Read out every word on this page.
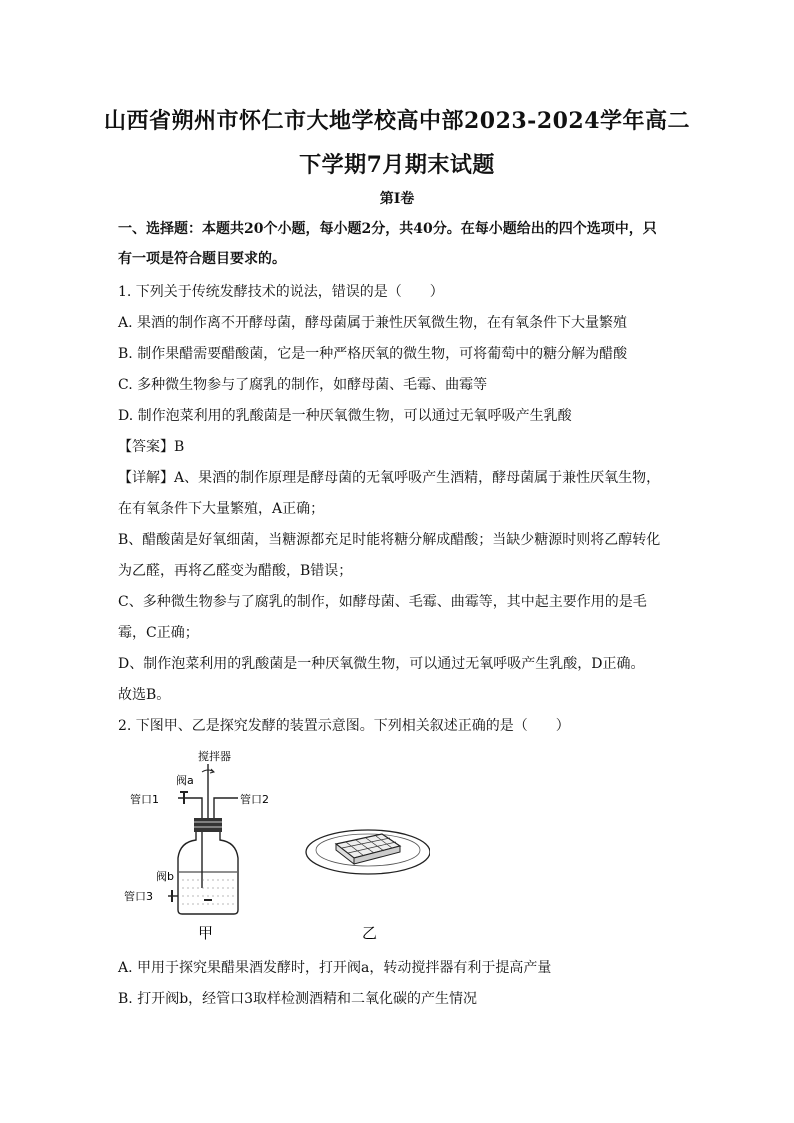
山西省朔州市怀仁市大地学校高中部2023-2024学年高二
下学期7月期末试题
第Ⅰ卷
一、选择题：本题共20个小题，每小题2分，共40分。在每小题给出的四个选项中，只
有一项是符合题目要求的。
1. 下列关于传统发酵技术的说法，错误的是（　　）
A. 果酒的制作离不开酵母菌，酵母菌属于兼性厌氧微生物，在有氧条件下大量繁殖
B. 制作果醋需要醋酸菌，它是一种严格厌氧的微生物，可将葡萄中的糖分解为醋酸
C. 多种微生物参与了腐乳的制作，如酵母菌、毛霉、曲霉等
D. 制作泡菜利用的乳酸菌是一种厌氧微生物，可以通过无氧呼吸产生乳酸
【答案】B
【详解】A、果酒的制作原理是酵母菌的无氧呼吸产生酒精，酵母菌属于兼性厌氧生物，
在有氧条件下大量繁殖，A正确；
B、醋酸菌是好氧细菌，当糖源都充足时能将糖分解成醋酸；当缺少糖源时则将乙醇转化
为乙醛，再将乙醛变为醋酸，B错误；
C、多种微生物参与了腐乳的制作，如酵母菌、毛霉、曲霉等，其中起主要作用的是毛
霉，C正确；
D、制作泡菜利用的乳酸菌是一种厌氧微生物，可以通过无氧呼吸产生乳酸，D正确。
故选B。
2. 下图甲、乙是探究发酵的装置示意图。下列相关叙述正确的是（　　）
搅拌器
阀a
管口1	管口2
阀b
管口3
甲	乙
A. 甲用于探究果醋果酒发酵时，打开阀a，转动搅拌器有利于提高产量
B. 打开阀b，经管口3取样检测酒精和二氧化碳的产生情况
